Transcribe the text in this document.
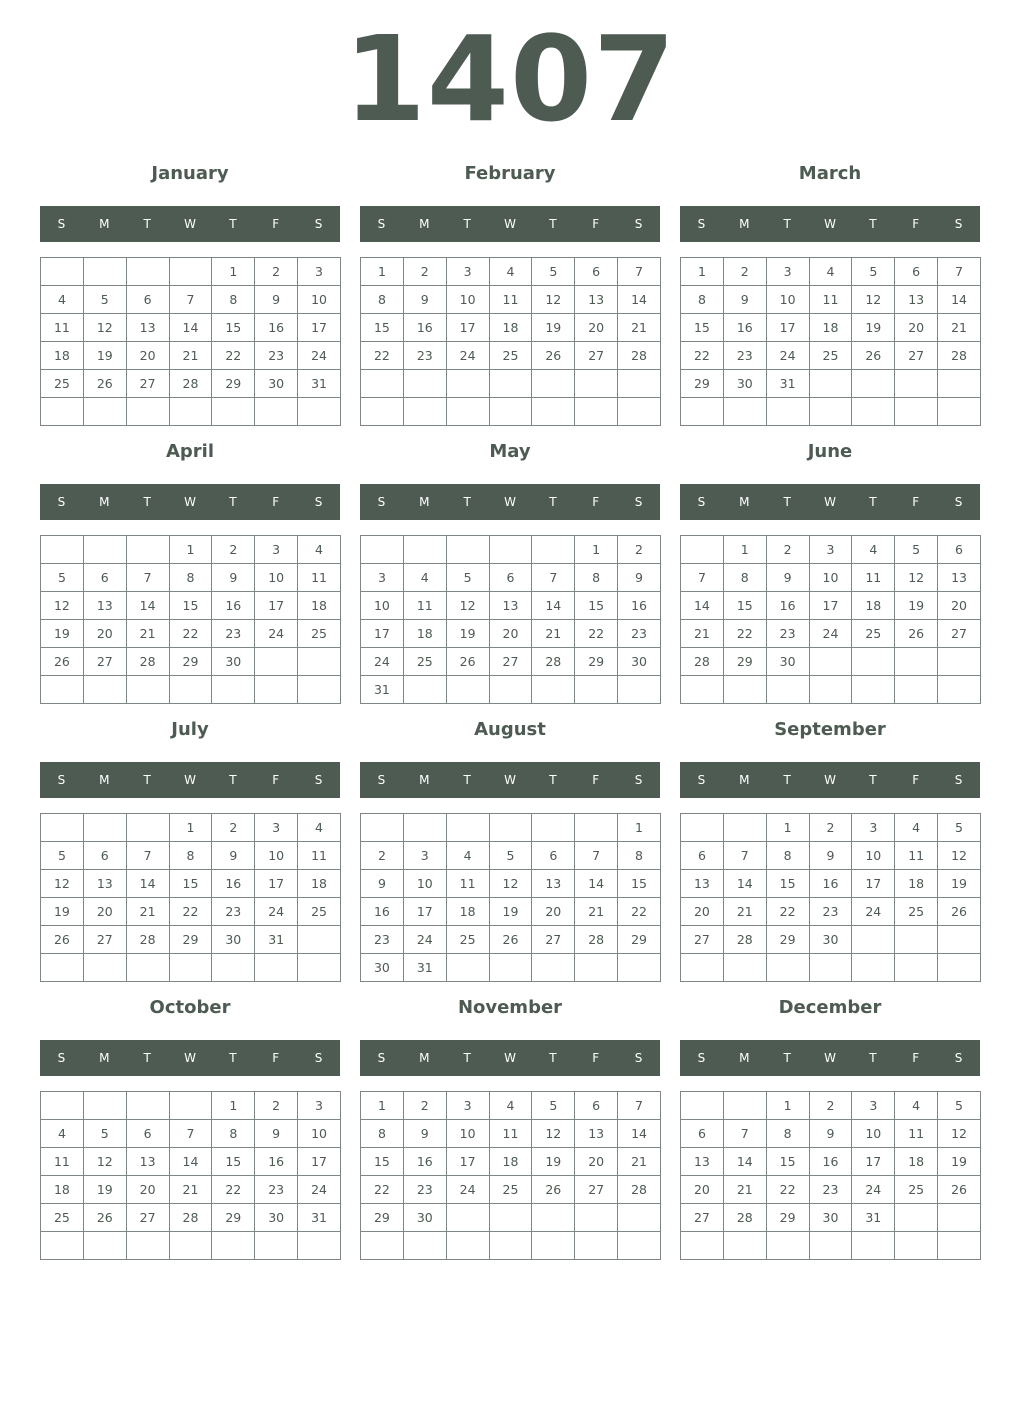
1407
January
S	M	T	W	T	F	S
				1	2	3
4	5	6	7	8	9	10
11	12	13	14	15	16	17
18	19	20	21	22	23	24
25	26	27	28	29	30	31

February
S	M	T	W	T	F	S
1	2	3	4	5	6	7
8	9	10	11	12	13	14
15	16	17	18	19	20	21
22	23	24	25	26	27	28

March
S	M	T	W	T	F	S
1	2	3	4	5	6	7
8	9	10	11	12	13	14
15	16	17	18	19	20	21
22	23	24	25	26	27	28
29	30	31				

April
S	M	T	W	T	F	S
			1	2	3	4
5	6	7	8	9	10	11
12	13	14	15	16	17	18
19	20	21	22	23	24	25
26	27	28	29	30		

May
S	M	T	W	T	F	S
					1	2
3	4	5	6	7	8	9
10	11	12	13	14	15	16
17	18	19	20	21	22	23
24	25	26	27	28	29	30
31						
June
S	M	T	W	T	F	S
	1	2	3	4	5	6
7	8	9	10	11	12	13
14	15	16	17	18	19	20
21	22	23	24	25	26	27
28	29	30				

July
S	M	T	W	T	F	S
			1	2	3	4
5	6	7	8	9	10	11
12	13	14	15	16	17	18
19	20	21	22	23	24	25
26	27	28	29	30	31	

August
S	M	T	W	T	F	S
						1
2	3	4	5	6	7	8
9	10	11	12	13	14	15
16	17	18	19	20	21	22
23	24	25	26	27	28	29
30	31					
September
S	M	T	W	T	F	S
		1	2	3	4	5
6	7	8	9	10	11	12
13	14	15	16	17	18	19
20	21	22	23	24	25	26
27	28	29	30			

October
S	M	T	W	T	F	S
				1	2	3
4	5	6	7	8	9	10
11	12	13	14	15	16	17
18	19	20	21	22	23	24
25	26	27	28	29	30	31

November
S	M	T	W	T	F	S
1	2	3	4	5	6	7
8	9	10	11	12	13	14
15	16	17	18	19	20	21
22	23	24	25	26	27	28
29	30					

December
S	M	T	W	T	F	S
		1	2	3	4	5
6	7	8	9	10	11	12
13	14	15	16	17	18	19
20	21	22	23	24	25	26
27	28	29	30	31		
